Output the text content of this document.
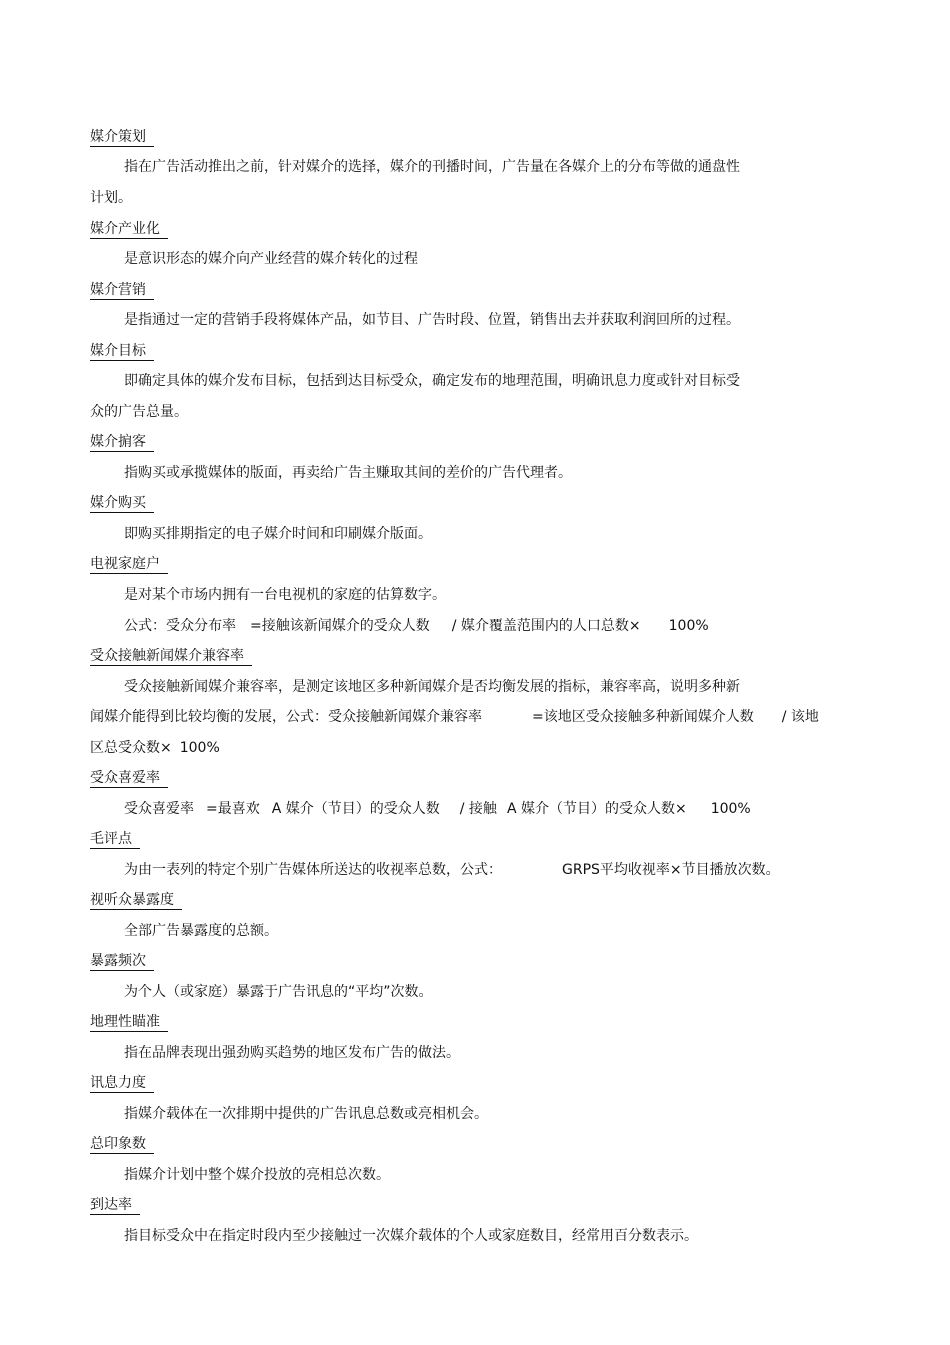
媒介策划
指在广告活动推出之前，针对媒介的选择，媒介的刊播时间，广告量在各媒介上的分布等做的通盘性
计划。
媒介产业化
是意识形态的媒介向产业经营的媒介转化的过程
媒介营销
是指通过一定的营销手段将媒体产品，如节目、广告时段、位置，销售出去并获取利润回所的过程。
媒介目标
即确定具体的媒介发布目标，包括到达目标受众，确定发布的地理范围，明确讯息力度或针对目标受
众的广告总量。
媒介掮客
指购买或承揽媒体的版面，再卖给广告主赚取其间的差价的广告代理者。
媒介购买
即购买排期指定的电子媒介时间和印刷媒介版面。
电视家庭户
是对某个市场内拥有一台电视机的家庭的估算数字。
公式：受众分布率 =接触该新闻媒介的受众人数 / 媒介覆盖范围内的人口总数× 100%
受众接触新闻媒介兼容率
受众接触新闻媒介兼容率，是测定该地区多种新闻媒介是否均衡发展的指标，兼容率高，说明多种新
闻媒介能得到比较均衡的发展，公式：受众接触新闻媒介兼容率	=该地区受众接触多种新闻媒介人数 / 该地
区总受众数× 100%
受众喜爱率
受众喜爱率 =最喜欢 A 媒介（节目）的受众人数 / 接触 A 媒介（节目）的受众人数× 100%
毛评点
为由一表列的特定个别广告媒体所送达的收视率总数，公式：	GRPS平均收视率×节目播放次数。
视听众暴露度
全部广告暴露度的总额。
暴露频次
为个人（或家庭）暴露于广告讯息的“平均”次数。
地理性瞄准
指在品牌表现出强劲购买趋势的地区发布广告的做法。
讯息力度
指媒介载体在一次排期中提供的广告讯息总数或亮相机会。
总印象数
指媒介计划中整个媒介投放的亮相总次数。
到达率
指目标受众中在指定时段内至少接触过一次媒介载体的个人或家庭数目，经常用百分数表示。
